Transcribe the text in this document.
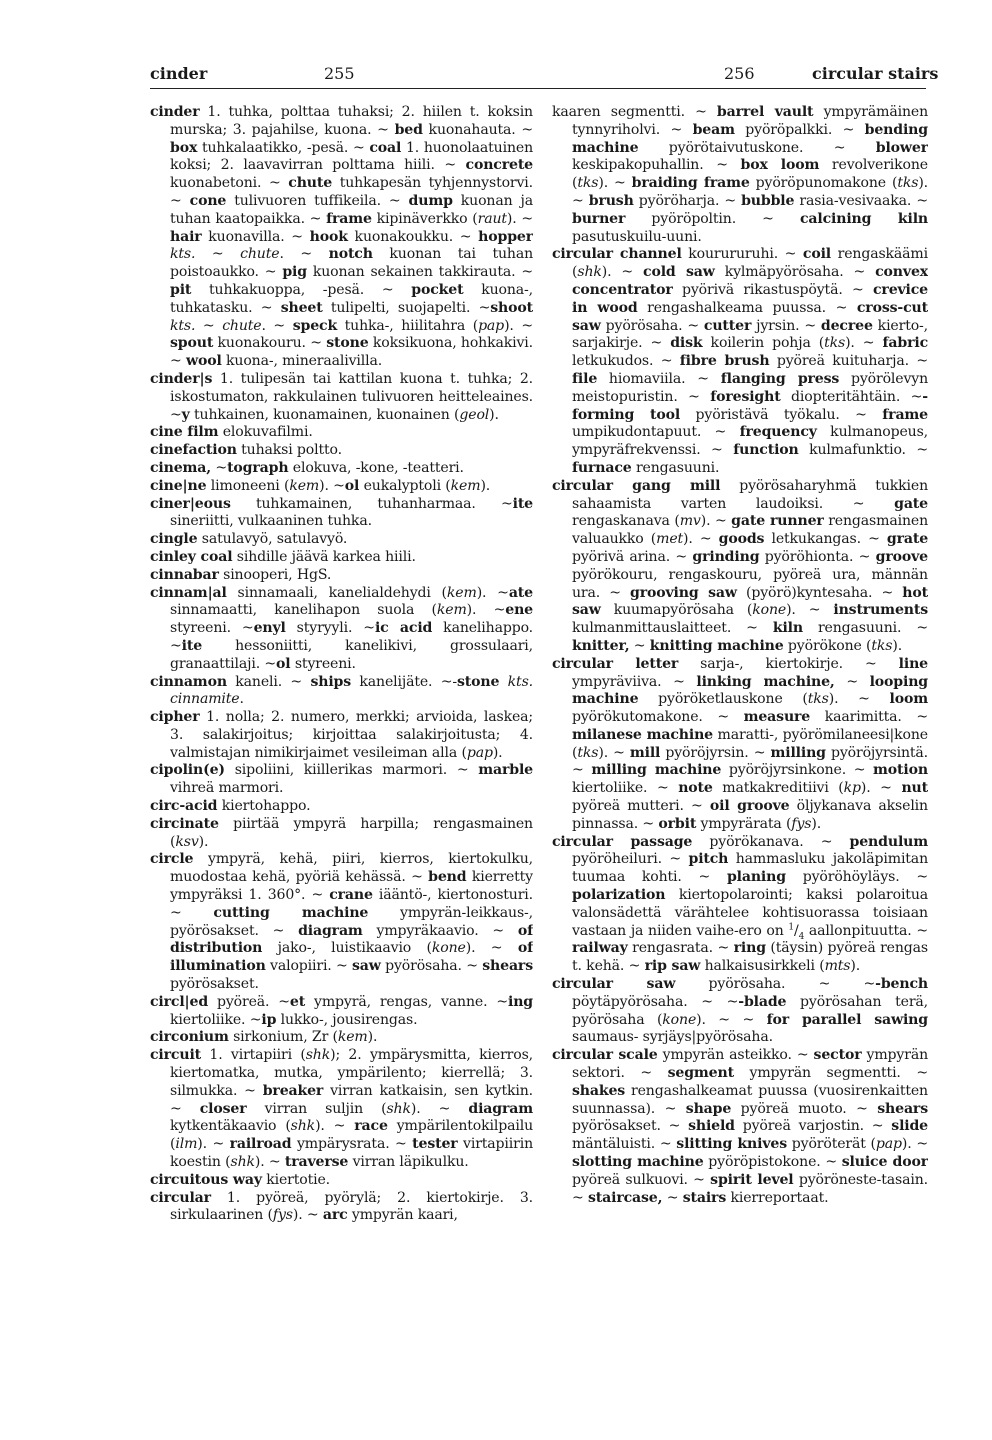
cinder	255	256	circular stairs

cinder 1. tuhka, polttaa tuhaksi; 2. hiilen t. koksin murska; 3. pajahilse, kuona. ~ bed kuonahauta. ~ box tuhkalaatikko, -pesä. ~ coal 1. huonolaatuinen koksi; 2. laavavirran polttama hiili. ~ concrete kuonabetoni. ~ chute tuhkapesän tyhjennystorvi. ~ cone tulivuoren tuffikeila. ~ dump kuonan ja tuhan kaatopaikka. ~ frame kipinäverkko (raut). ~ hair kuonavilla. ~ hook kuonakoukku. ~ hopper kts. ~ chute. ~ notch kuonan tai tuhan poistoaukko. ~ pig kuonan sekainen takkirauta. ~ pit tuhkakuoppa, -pesä. ~ pocket kuona-, tuhkatasku. ~ sheet tulipelti, suojapelti. ~shoot kts. ~ chute. ~ speck tuhka-, hiilitahra (pap). ~ spout kuonakouru. ~ stone koksikuona, hohkakivi. ~ wool kuona-, mineraalivilla.

cinder|s 1. tulipesän tai kattilan kuona t. tuhka; 2. iskostumaton, rakkulainen tulivuoren heitteleaines. ~y tuhkainen, kuonamainen, kuonainen (geol).

cine film elokuvafilmi.

cinefaction tuhaksi poltto.

cinema, ~tograph elokuva, -kone, -teatteri.

cine|ne limoneeni (kem). ~ol eukalyptoli (kem).

ciner|eous tuhkamainen, tuhanharmaa. ~ite sineriitti, vulkaaninen tuhka.

cingle satulavyö, satulavyö.

cinley coal sihdille jäävä karkea hiili.

cinnabar sinooperi, HgS.

cinnam|al sinnamaali, kanelialdehydi (kem). ~ate sinnamaatti, kanelihapon suola (kem). ~ene styreeni. ~enyl styryyli. ~ic acid kanelihappo. ~ite hessoniitti, kanelikivi, grossulaari, granaattilaji. ~ol styreeni.

cinnamon kaneli. ~ ships kanelijäte. ~-stone kts. cinnamite.

cipher 1. nolla; 2. numero, merkki; arvioida, laskea; 3. salakirjoitus; kirjoittaa salakirjoitusta; 4. valmistajan nimikirjaimet vesileiman alla (pap).

cipolin(e) sipoliini, kiillerikas marmori. ~ marble vihreä marmori.

circ-acid kiertohappo.

circinate piirtää ympyrä harpilla; rengasmainen (ksv).

circle ympyrä, kehä, piiri, kierros, kiertokulku, muodostaa kehä, pyöriä kehässä. ~ bend kierretty ympyräksi 1. 360°. ~ crane iääntö-, kiertonosturi. ~ cutting machine ympyrän-leikkaus-, pyörösakset. ~ diagram ympyräkaavio. ~ of distribution jako-, luistikaavio (kone). ~ of illumination valopiiri. ~ saw pyörösaha. ~ shears pyörösakset.

circl|ed pyöreä. ~et ympyrä, rengas, vanne. ~ing kiertoliike. ~ip lukko-, jousirengas.

circonium sirkonium, Zr (kem).

circuit 1. virtapiiri (shk); 2. ympärysmitta, kierros, kiertomatka, mutka, ympärilento; kierrellä; 3. silmukka. ~ breaker virran katkaisin, sen kytkin. ~ closer virran suljin (shk). ~ diagram kytkentäkaavio (shk). ~ race ympärilentokilpailu (ilm). ~ railroad ympärysrata. ~ tester virtapiirin koestin (shk). ~ traverse virran läpikulku.

circuitous way kiertotie.

circular 1. pyöreä, pyörylä; 2. kiertokirje. 3. sirkulaarinen (fys). ~ arc ympyrän kaari,

kaaren segmentti. ~ barrel vault ympyrämäinen tynnyriholvi. ~ beam pyöröpalkki. ~ bending machine pyörötaivutuskone. ~ blower keskipakopuhallin. ~ box loom revolverikone (tks). ~ braiding frame pyöröpunomakone (tks). ~ brush pyöröharja. ~ bubble rasia-vesivaaka. ~ burner pyöröpoltin. ~ calcining kiln pasutuskuilu-uuni.

circular channel kourururuhi. ~ coil rengaskäämi (shk). ~ cold saw kylmäpyörösaha. ~ convex concentrator pyörivä rikastuspöytä. ~ crevice in wood rengashalkeama puussa. ~ cross-cut saw pyörösaha. ~ cutter jyrsin. ~ decree kierto-, sarjakirje. ~ disk koilerin pohja (tks). ~ fabric letkukudos. ~ fibre brush pyöreä kuituharja. ~ file hiomaviila. ~ flanging press pyörölevyn meistopuristin. ~ foresight diopteritähtäin. ~-forming tool pyöristävä työkalu. ~ frame umpikudontapuut. ~ frequency kulmanopeus, ympyräfrekvenssi. ~ function kulmafunktio. ~ furnace rengasuuni.

circular gang mill pyörösaharyhmä tukkien sahaamista varten laudoiksi. ~ gate rengaskanava (mv). ~ gate runner rengasmainen valuaukko (met). ~ goods letkukangas. ~ grate pyörivä arina. ~ grinding pyöröhionta. ~ groove pyörökouru, rengaskouru, pyöreä ura, männän ura. ~ grooving saw (pyörö)kyntesaha. ~ hot saw kuumapyörösaha (kone). ~ instruments kulmanmittauslaitteet. ~ kiln rengasuuni. ~ knitter, ~ knitting machine pyörökone (tks).

circular letter sarja-, kiertokirje. ~ line ympyräviiva. ~ linking machine, ~ looping machine pyöröketlauskone (tks). ~ loom pyörökutomakone. ~ measure kaarimitta. ~ milanese machine maratti-, pyörömilaneesi|kone (tks). ~ mill pyöröjyrsin. ~ milling pyöröjyrsintä. ~ milling machine pyöröjyrsinkone. ~ motion kiertoliike. ~ note matkakreditiivi (kp). ~ nut pyöreä mutteri. ~ oil groove öljykanava akselin pinnassa. ~ orbit ympyrärata (fys).

circular passage pyörökanava. ~ pendulum pyöröheiluri. ~ pitch hammasluku jakoläpimitan tuumaa kohti. ~ planing pyöröhöyläys. ~ polarization kiertopolarointi; kaksi polaroitua valonsädettä värähtelee kohtisuorassa toisiaan vastaan ja niiden vaihe-ero on $^1/_4$ aallonpituutta. ~ railway rengasrata. ~ ring (täysin) pyöreä rengas t. kehä. ~ rip saw halkaisusirkkeli (mts).

circular saw pyörösaha. ~ ~-bench pöytäpyörösaha. ~ ~-blade pyörösahan terä, pyörösaha (kone). ~ ~ for parallel sawing saumaus- syrjäys|pyörösaha.

circular scale ympyrän asteikko. ~ sector ympyrän sektori. ~ segment ympyrän segmentti. ~ shakes rengashalkeamat puussa (vuosirenkaitten suunnassa). ~ shape pyöreä muoto. ~ shears pyörösakset. ~ shield pyöreä varjostin. ~ slide mäntäluisti. ~ slitting knives pyöröterät (pap). ~ slotting machine pyöröpistokone. ~ sluice door pyöreä sulkuovi. ~ spirit level pyöröneste-tasain. ~ staircase, ~ stairs kierreportaat.
